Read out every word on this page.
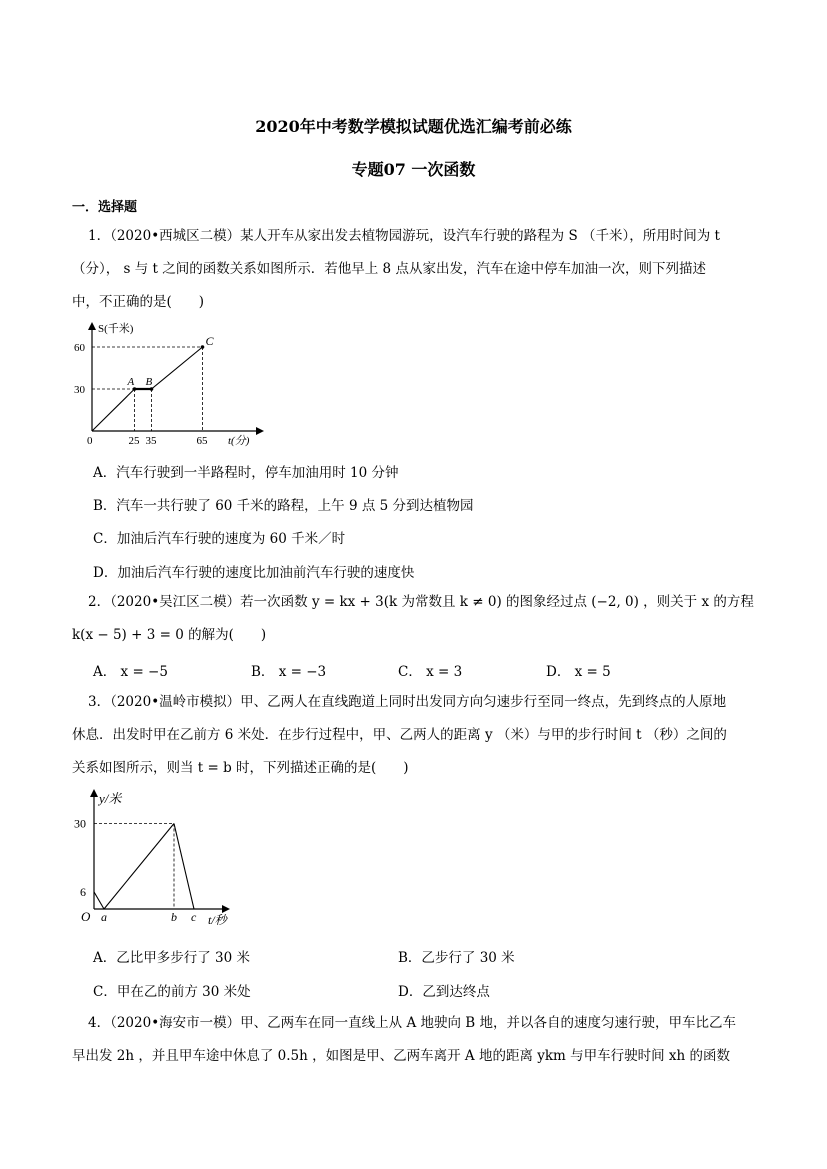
2020年中考数学模拟试题优选汇编考前必练
专题07 一次函数
一．选择题
1．（2020•西城区二模）某人开车从家出发去植物园游玩，设汽车行驶的路程为 S （千米），所用时间为 t
（分）， s 与 t 之间的函数关系如图所示．若他早上 8 点从家出发，汽车在途中停车加油一次，则下列描述
中，不正确的是(　　)
S(千米)
t(分)
0
A B
C
25 35	65
30
60
A．汽车行驶到一半路程时，停车加油用时 10 分钟
B．汽车一共行驶了 60 千米的路程，上午 9 点 5 分到达植物园
C．加油后汽车行驶的速度为 60 千米／时
D．加油后汽车行驶的速度比加油前汽车行驶的速度快
2．（2020•吴江区二模）若一次函数 y = kx + 3(k 为常数且 k ≠ 0) 的图象经过点 (−2, 0) ，则关于 x 的方程
k(x − 5) + 3 = 0 的解为(　　)
A． x = −5	B． x = −3	C． x = 3	D． x = 5
3．（2020•温岭市模拟）甲、乙两人在直线跑道上同时出发同方向匀速步行至同一终点，先到终点的人原地
休息．出发时甲在乙前方 6 米处．在步行过程中，甲、乙两人的距离 y （米）与甲的步行时间 t （秒）之间的
关系如图所示，则当 t = b 时，下列描述正确的是(　　)
y/米
t/秒
O
6
30
a	b c
A．乙比甲多步行了 30 米	B．乙步行了 30 米
C．甲在乙的前方 30 米处	D．乙到达终点
4．（2020•海安市一模）甲、乙两车在同一直线上从 A 地驶向 B 地，并以各自的速度匀速行驶，甲车比乙车
早出发 2h ，并且甲车途中休息了 0.5h ，如图是甲、乙两车离开 A 地的距离 ykm 与甲车行驶时间 xh 的函数
